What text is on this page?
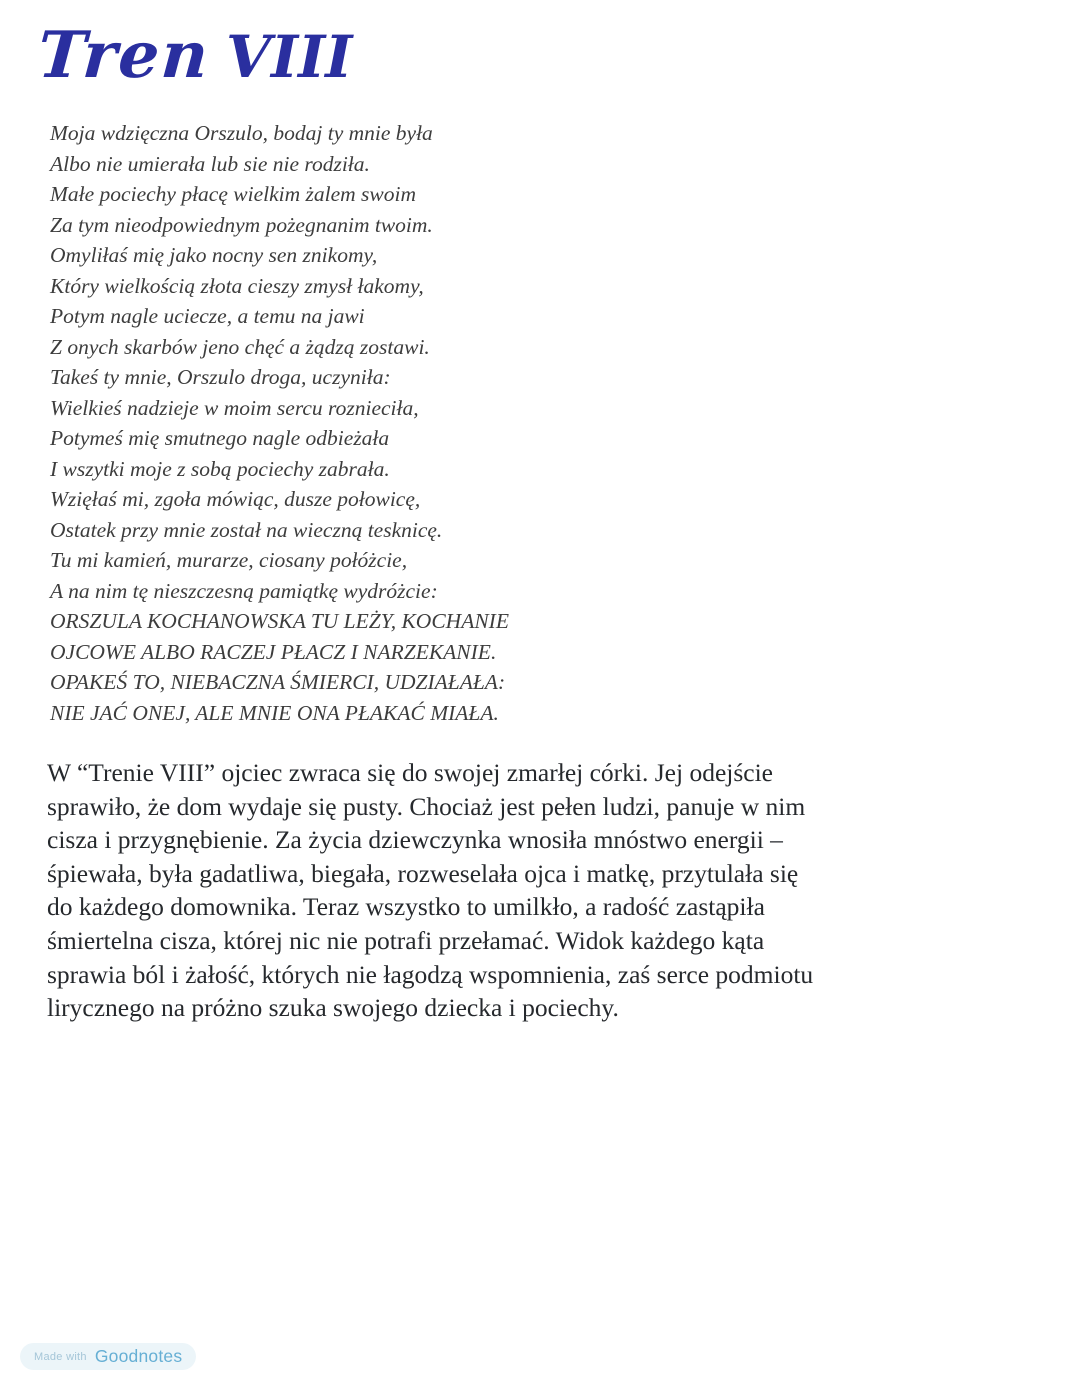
Tren VIII
Moja wdzięczna Orszulo, bodaj ty mnie była
Albo nie umierała lub sie nie rodziła.
Małe pociechy płacę wielkim żalem swoim
Za tym nieodpowiednym pożegnanim twoim.
Omyliłaś mię jako nocny sen znikomy,
Który wielkością złota cieszy zmysł łakomy,
Potym nagle uciecze, a temu na jawi
Z onych skarbów jeno chęć a żądzą zostawi.
Takeś ty mnie, Orszulo droga, uczyniła:
Wielkieś nadzieje w moim sercu roznieciła,
Potymeś mię smutnego nagle odbieżała
I wszytki moje z sobą pociechy zabrała.
Wzięłaś mi, zgoła mówiąc, dusze połowicę,
Ostatek przy mnie został na wieczną tesknicę.
Tu mi kamień, murarze, ciosany połóżcie,
A na nim tę nieszczesną pamiątkę wydróżcie:
ORSZULA KOCHANOWSKA TU LEŻY, KOCHANIE
OJCOWE ALBO RACZEJ PŁACZ I NARZEKANIE.
OPAKEŚ TO, NIEBACZNA ŚMIERCI, UDZIAŁAŁA:
NIE JAĆ ONEJ, ALE MNIE ONA PŁAKAĆ MIAŁA.
W “Trenie VIII” ojciec zwraca się do swojej zmarłej córki. Jej odejście
sprawiło, że dom wydaje się pusty. Chociaż jest pełen ludzi, panuje w nim
cisza i przygnębienie. Za życia dziewczynka wnosiła mnóstwo energii –
śpiewała, była gadatliwa, biegała, rozweselała ojca i matkę, przytulała się
do każdego domownika. Teraz wszystko to umilkło, a radość zastąpiła
śmiertelna cisza, której nic nie potrafi przełamać. Widok każdego kąta
sprawia ból i żałość, których nie łagodzą wspomnienia, zaś serce podmiotu
lirycznego na próżno szuka swojego dziecka i pociechy.
Made with Goodnotes
